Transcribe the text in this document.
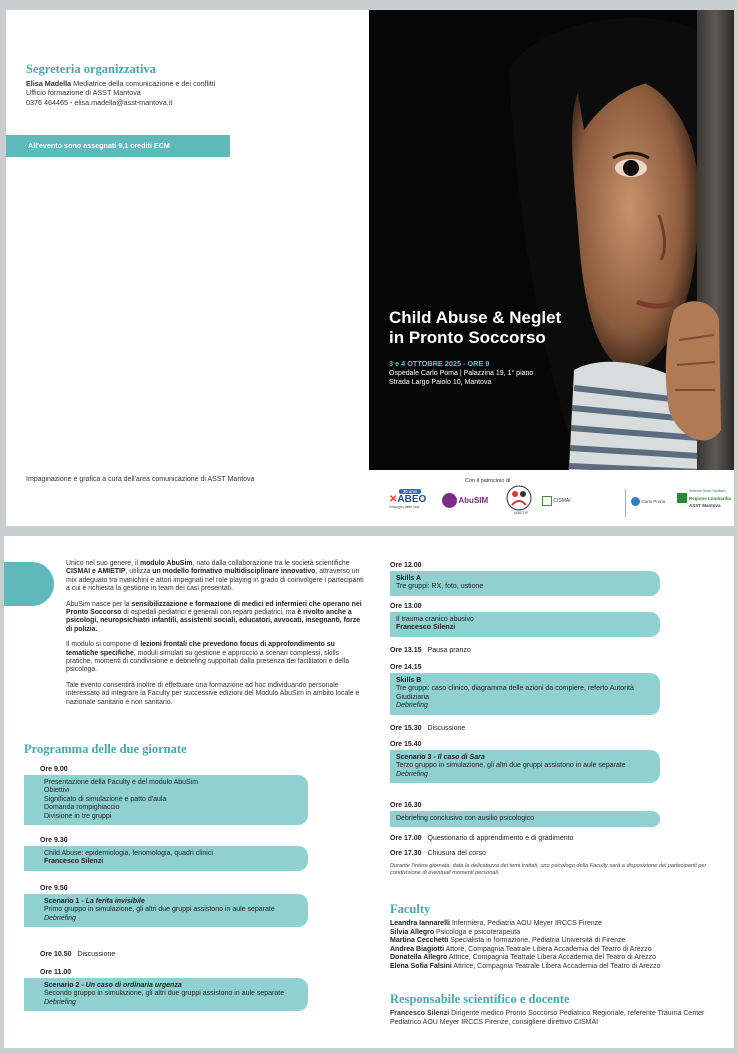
Segreteria organizzativa
Elisa Madella Mediatrice della comunicazione e dei conflitti
Ufficio formazione di ASST Mantova
0376 464465 - elisa.madella@asst-mantova.it
All'evento sono assegnati 9,1 crediti ECM
Impaginazione e grafica a cura dell'area comunicazione di ASST Mantova
Child Abuse & Neglet
in Pronto Soccorso
3 e 4 OTTOBRE 2025 - ORE 9
Ospedale Carlo Poma | Palazzina 19, 1° piano
Strada Largo Paiolo 10, Mantova
Con il patrocinio di
30 anni
✕ABEO
il bisogno delle voci
AbuSIM
AMIETIP
CISMAI	Carlo Poma
Sistema Socio Sanitario
Regione Lombardia
ASST Mantova

Unico nel suo genere, il modulo AbuSim, nato dalla collaborazione tra le società scientifiche CISMAI e AMIETIP, utilizza un modello formativo multidisciplinare innovativo, attraverso un mix adeguato tra manichini e attori impegnati nel role playing in grado di coinvolgere i partecipanti a cui è richiesta la gestione in team dei casi presentati.

AbuSim nasce per la sensibilizzazione e formazione di medici ed infermieri che operano nei Pronto Soccorso di ospedali pediatrici e generali con reparti pediatrici, ma è rivolto anche a psicologi, neuropsichiatri infantili, assistenti sociali, educatori, avvocati, insegnanti, forze di polizia.

Il modulo si compone di lezioni frontali che prevedono focus di approfondimento su tematiche specifiche, moduli simulati su gestione e approccio a scenari complessi, skills pratiche, momenti di condivisione e debriefing supportati dalla presenza dei facilitatori e della psicologa.

Tale evento consentirà inoltre di effettuare una formazione ad hoc individuando personale interessato ad integrare la Faculty per successive edizioni del Modulo AbuSim in ambito locale e nazionale sanitario e non sanitario.

Programma delle due giornate
Ore 9.00
Presentazione della Faculty e del modulo AbuSim
Obiettivi
Significato di simulazione e patto d'aula
Domanda rompighiaccio
Divisione in tre gruppi
Ore 9.30
Child Abuse: epidemiologia, fenomologia, quadri clinici
Francesco Silenzi
Ore 9.50
Scenario 1 - La ferita invisibile
Primo gruppo in simulazione, gli altri due gruppi assistono in aule separate
Debriefing
Ore 10.50 Discussione
Ore 11.00
Scenario 2 - Un caso di ordinaria urgenza
Secondo gruppo in simulazione, gli altri due gruppi assistono in aule separate
Debriefing
Ore 12.00
Skills A
Tre gruppi: RX, foto, ustione
Ore 13.00
Il trauma cranico abusivo
Francesco Silenzi
Ore 13.15 Pausa pranzo
Ore 14.15
Skills B
Tre gruppi: caso clinico, diagramma delle azioni da compiere, referto Autorità Giudiziaria
Debriefing
Ore 15.30 Discussione
Ore 15.40
Scenario 3 - Il caso di Sara
Terzo gruppo in simulazione, gli altri due gruppi assistono in aule separate
Debriefing
Ore 16.30
Debriefing conclusivo con ausilio psicologico
Ore 17.00 Questionario di apprendimento e di gradimento
Ore 17.30 Chiusura del corso
Durante l'intera giornata, data la delicatezza dei temi trattati, uno psicologo della Faculty sarà a disposizione dei partecipanti per condivisione di eventuali momenti personali.
Faculty
Leandra Iannarelli Infermiera, Pediatria AOU Meyer IRCCS Firenze
Silvia Allegro Psicologa e psicoterapeuta
Martina Cecchetti Specialista in formazione, Pediatria Università di Firenze
Andrea Biagiotti Attore, Compagnia Teatrale Libera Accademia del Teatro di Arezzo
Donatella Allegro Attrice, Compagnia Teatrale Libera Accademia del Teatro di Arezzo
Elena Sofia Falsini Attrice, Compagnia Teatrale Libera Accademia del Teatro di Arezzo
Responsabile scientifico e docente
Francesco Silenzi Dirigente medico Pronto Soccorso Pediatrico Regionale, referente Trauma Center Pediatrico AOU Meyer IRCCS Firenze, consigliere direttivo CISMAI
